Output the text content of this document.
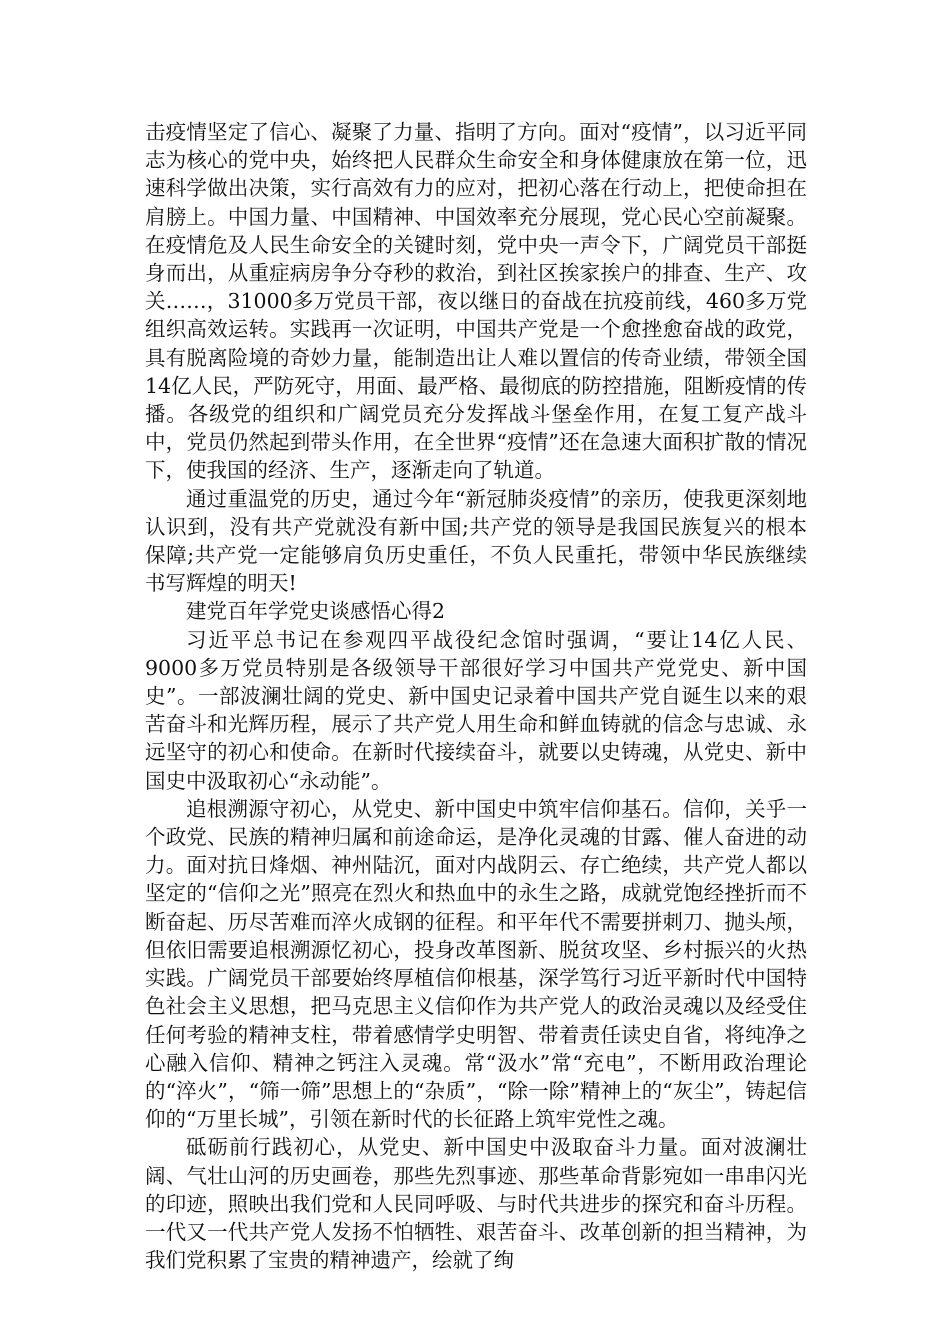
击疫情坚定了信心、凝聚了力量、指明了方向。面对“疫情”，以习近平同志为核心的党中央，始终把人民群众生命安全和身体健康放在第一位，迅速科学做出决策，实行高效有力的应对，把初心落在行动上，把使命担在肩膀上。中国力量、中国精神、中国效率充分展现，党心民心空前凝聚。在疫情危及人民生命安全的关键时刻，党中央一声令下，广阔党员干部挺身而出，从重症病房争分夺秒的救治，到社区挨家挨户的排查、生产、攻关……，31000多万党员干部，夜以继日的奋战在抗疫前线，460多万党组织高效运转。实践再一次证明，中国共产党是一个愈挫愈奋战的政党，具有脱离险境的奇妙力量，能制造出让人难以置信的传奇业绩，带领全国14亿人民，严防死守，用面、最严格、最彻底的防控措施，阻断疫情的传播。各级党的组织和广阔党员充分发挥战斗堡垒作用，在复工复产战斗中，党员仍然起到带头作用，在全世界“疫情”还在急速大面积扩散的情况下，使我国的经济、生产，逐渐走向了轨道。

通过重温党的历史，通过今年“新冠肺炎疫情”的亲历，使我更深刻地认识到，没有共产党就没有新中国;共产党的领导是我国民族复兴的根本保障;共产党一定能够肩负历史重任，不负人民重托，带领中华民族继续书写辉煌的明天!

建党百年学党史谈感悟心得2

习近平总书记在参观四平战役纪念馆时强调，“要让14亿人民、9000多万党员特别是各级领导干部很好学习中国共产党党史、新中国史”。一部波澜壮阔的党史、新中国史记录着中国共产党自诞生以来的艰苦奋斗和光辉历程，展示了共产党人用生命和鲜血铸就的信念与忠诚、永远坚守的初心和使命。在新时代接续奋斗，就要以史铸魂，从党史、新中国史中汲取初心“永动能”。

追根溯源守初心，从党史、新中国史中筑牢信仰基石。信仰，关乎一个政党、民族的精神归属和前途命运，是净化灵魂的甘露、催人奋进的动力。面对抗日烽烟、神州陆沉，面对内战阴云、存亡绝续，共产党人都以坚定的“信仰之光”照亮在烈火和热血中的永生之路，成就党饱经挫折而不断奋起、历尽苦难而淬火成钢的征程。和平年代不需要拼刺刀、抛头颅，但依旧需要追根溯源忆初心，投身改革图新、脱贫攻坚、乡村振兴的火热实践。广阔党员干部要始终厚植信仰根基，深学笃行习近平新时代中国特色社会主义思想，把马克思主义信仰作为共产党人的政治灵魂以及经受住任何考验的精神支柱，带着感情学史明智、带着责任读史自省，将纯净之心融入信仰、精神之钙注入灵魂。常“汲水”常“充电”，不断用政治理论的“淬火”，“筛一筛”思想上的“杂质”，“除一除”精神上的“灰尘”，铸起信仰的“万里长城”，引领在新时代的长征路上筑牢党性之魂。

砥砺前行践初心，从党史、新中国史中汲取奋斗力量。面对波澜壮阔、气壮山河的历史画卷，那些先烈事迹、那些革命背影宛如一串串闪光的印迹，照映出我们党和人民同呼吸、与时代共进步的探究和奋斗历程。一代又一代共产党人发扬不怕牺牲、艰苦奋斗、改革创新的担当精神，为我们党积累了宝贵的精神遗产，绘就了绚
